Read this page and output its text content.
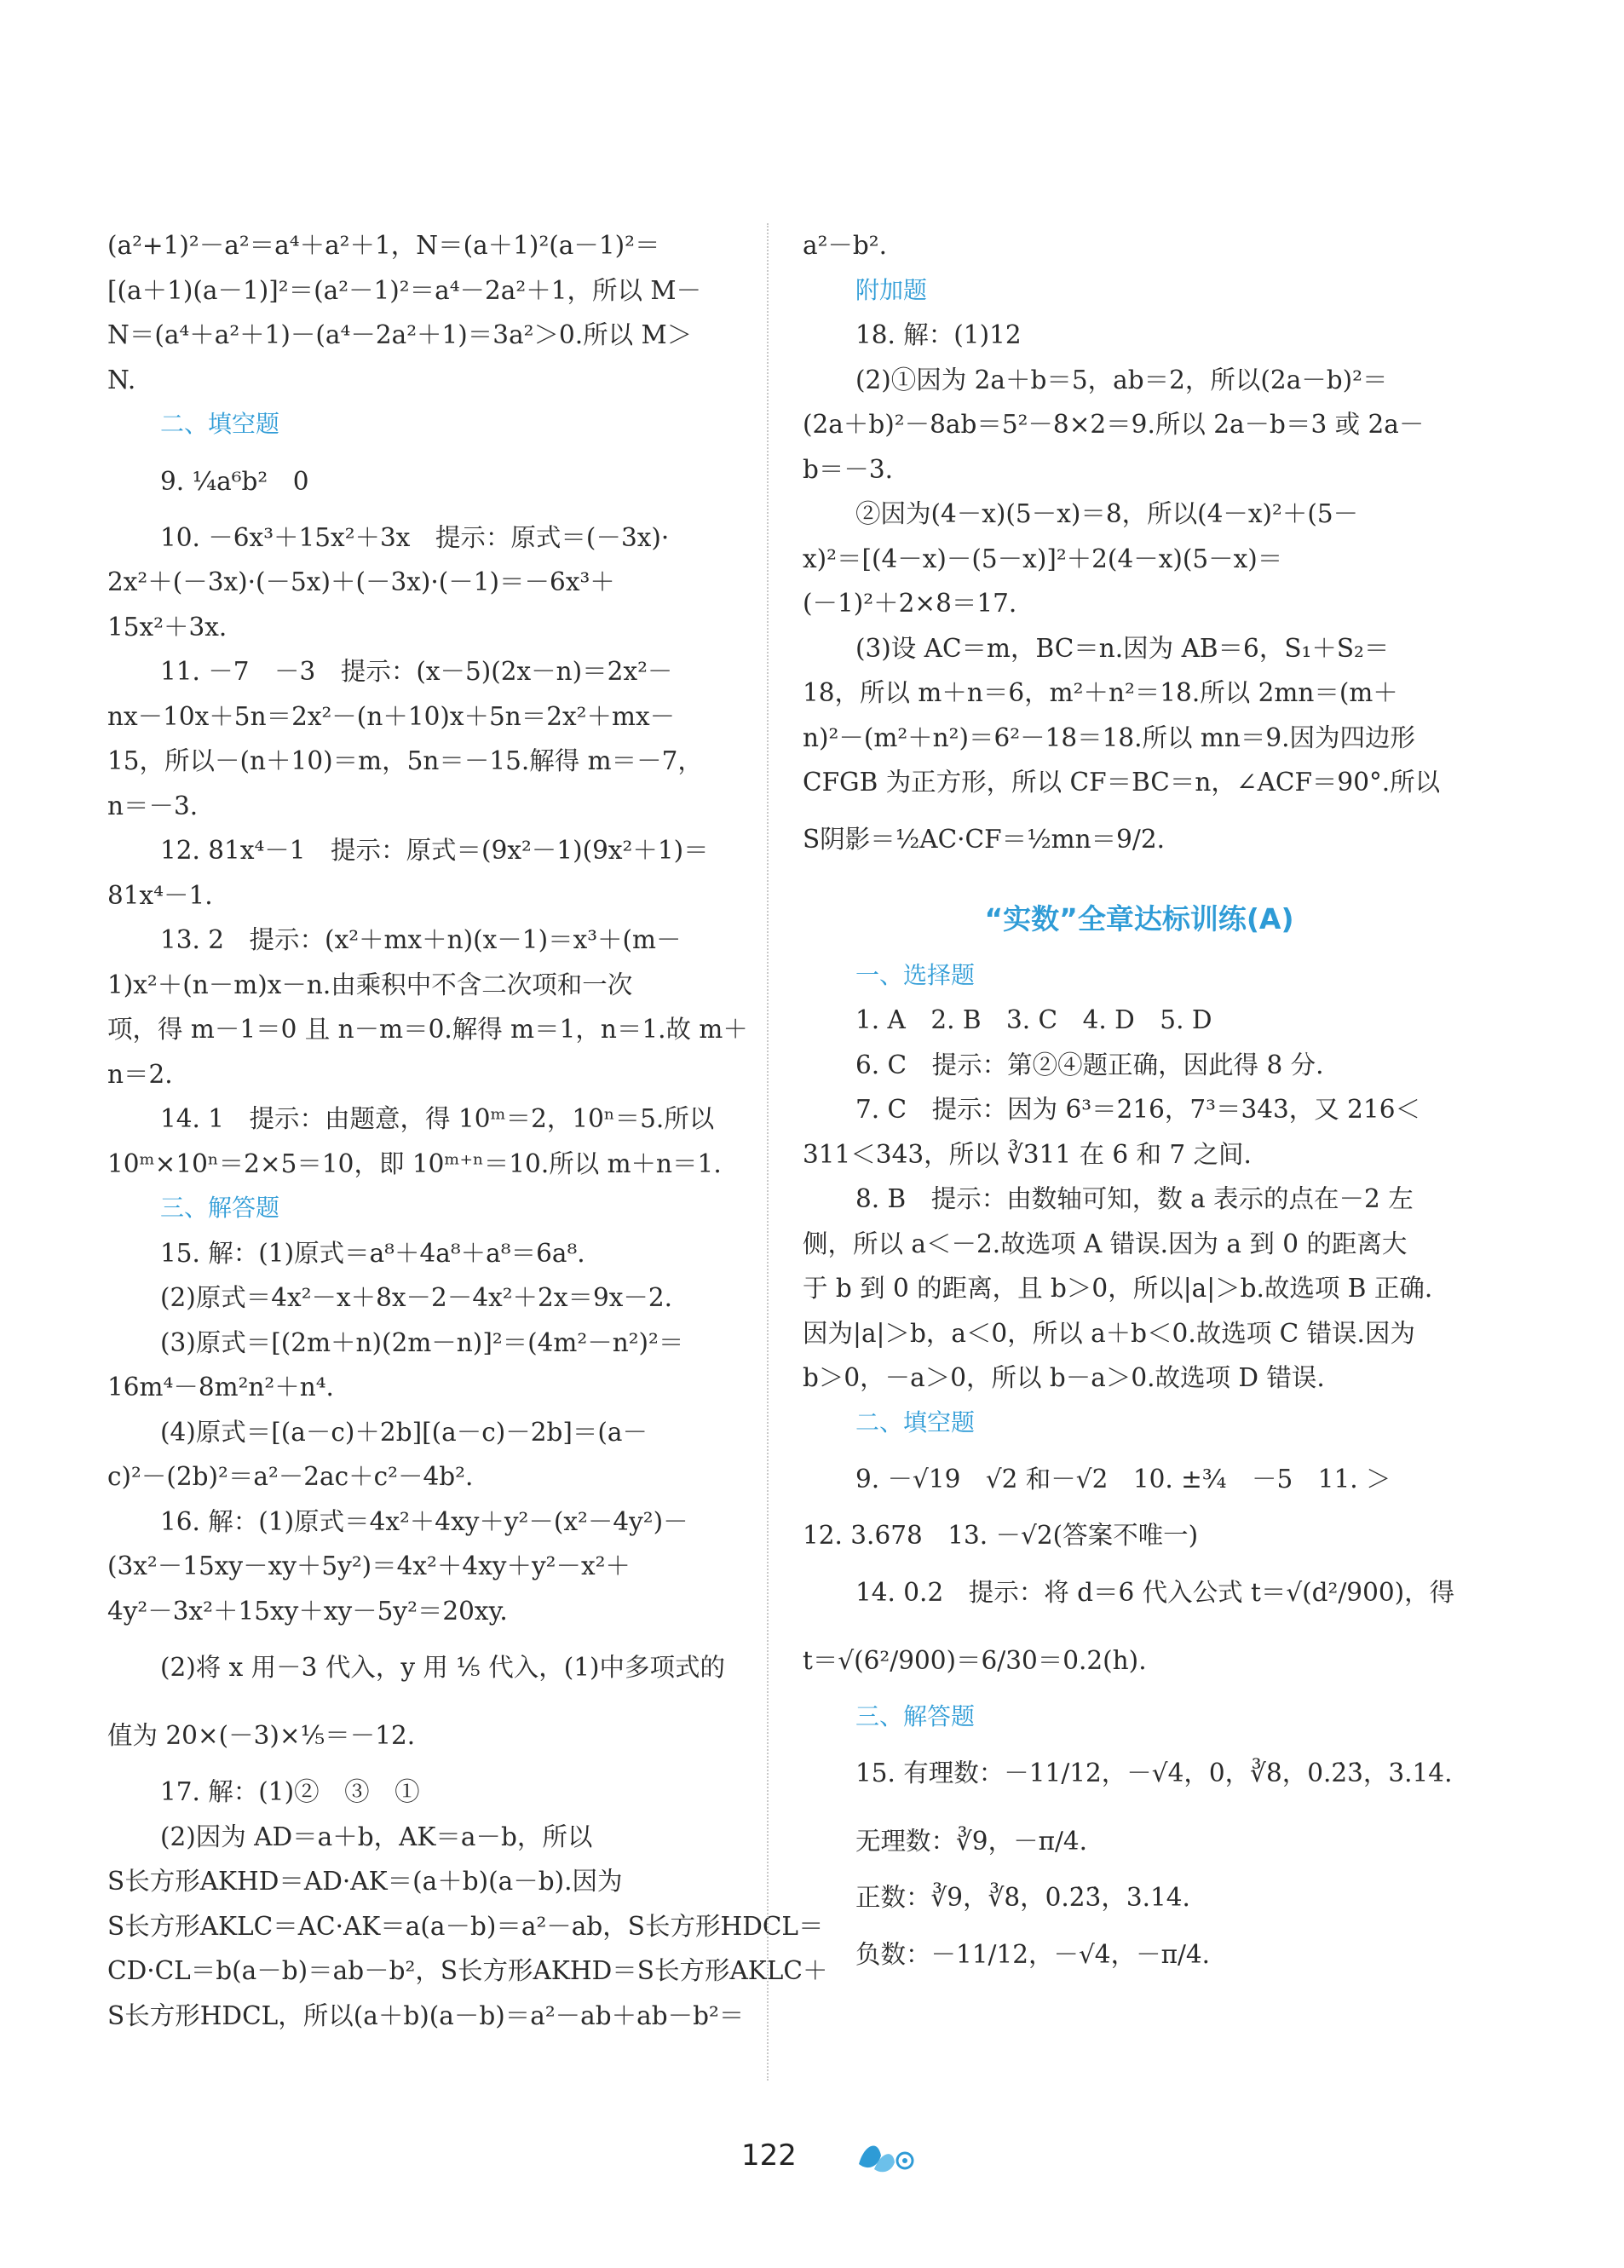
(a²+1)²－a²＝a⁴＋a²＋1，N＝(a＋1)²(a－1)²＝
[(a＋1)(a－1)]²＝(a²－1)²＝a⁴－2a²＋1，所以 M－
N＝(a⁴＋a²＋1)－(a⁴－2a²＋1)＝3a²＞0.所以 M＞
N.
二、填空题
9. ¼a⁶b²　0
10. －6x³＋15x²＋3x　提示：原式＝(－3x)·
2x²＋(－3x)·(－5x)＋(－3x)·(－1)＝－6x³＋
15x²＋3x.
11. －7　－3　提示：(x－5)(2x－n)＝2x²－
nx－10x＋5n＝2x²－(n＋10)x＋5n＝2x²＋mx－
15，所以－(n＋10)＝m，5n＝－15.解得 m＝－7，
n＝－3.
12. 81x⁴－1　提示：原式＝(9x²－1)(9x²＋1)＝
81x⁴－1.
13. 2　提示：(x²＋mx＋n)(x－1)＝x³＋(m－
1)x²＋(n－m)x－n.由乘积中不含二次项和一次
项，得 m－1＝0 且 n－m＝0.解得 m＝1，n＝1.故 m＋
n＝2.
14. 1　提示：由题意，得 10ᵐ＝2，10ⁿ＝5.所以
10ᵐ×10ⁿ＝2×5＝10，即 10ᵐ⁺ⁿ＝10.所以 m＋n＝1.
三、解答题
15. 解：(1)原式＝a⁸＋4a⁸＋a⁸＝6a⁸.
(2)原式＝4x²－x＋8x－2－4x²＋2x＝9x－2.
(3)原式＝[(2m＋n)(2m－n)]²＝(4m²－n²)²＝
16m⁴－8m²n²＋n⁴.
(4)原式＝[(a－c)＋2b][(a－c)－2b]＝(a－
c)²－(2b)²＝a²－2ac＋c²－4b².
16. 解：(1)原式＝4x²＋4xy＋y²－(x²－4y²)－
(3x²－15xy－xy＋5y²)＝4x²＋4xy＋y²－x²＋
4y²－3x²＋15xy＋xy－5y²＝20xy.
(2)将 x 用－3 代入，y 用 ⅕ 代入，(1)中多项式的
值为 20×(－3)×⅕＝－12.
17. 解：(1)②　③　①
(2)因为 AD＝a＋b，AK＝a－b，所以
S长方形AKHD＝AD·AK＝(a＋b)(a－b).因为
S长方形AKLC＝AC·AK＝a(a－b)＝a²－ab，S长方形HDCL＝
CD·CL＝b(a－b)＝ab－b²，S长方形AKHD＝S长方形AKLC＋
S长方形HDCL，所以(a＋b)(a－b)＝a²－ab＋ab－b²＝
a²－b².
附加题
18. 解：(1)12
(2)①因为 2a＋b＝5，ab＝2，所以(2a－b)²＝
(2a＋b)²－8ab＝5²－8×2＝9.所以 2a－b＝3 或 2a－
b＝－3.
②因为(4－x)(5－x)＝8，所以(4－x)²＋(5－
x)²＝[(4－x)－(5－x)]²＋2(4－x)(5－x)＝
(－1)²＋2×8＝17.
(3)设 AC＝m，BC＝n.因为 AB＝6，S₁＋S₂＝
18，所以 m＋n＝6，m²＋n²＝18.所以 2mn＝(m＋
n)²－(m²＋n²)＝6²－18＝18.所以 mn＝9.因为四边形
CFGB 为正方形，所以 CF＝BC＝n，∠ACF＝90°.所以
S阴影＝½AC·CF＝½mn＝9/2.
“实数”全章达标训练(A)
一、选择题
1. A　2. B　3. C　4. D　5. D
6. C　提示：第②④题正确，因此得 8 分.
7. C　提示：因为 6³＝216，7³＝343，又 216＜
311＜343，所以 ∛311 在 6 和 7 之间.
8. B　提示：由数轴可知，数 a 表示的点在－2 左
侧，所以 a＜－2.故选项 A 错误.因为 a 到 0 的距离大
于 b 到 0 的距离，且 b＞0，所以|a|＞b.故选项 B 正确.
因为|a|＞b，a＜0，所以 a＋b＜0.故选项 C 错误.因为
b＞0，－a＞0，所以 b－a＞0.故选项 D 错误.
二、填空题
9. －√19　√2 和－√2　10. ±¾　－5　11. ＞
12. 3.678　13. －√2(答案不唯一)
14. 0.2　提示：将 d＝6 代入公式 t＝√(d²/900)，得
t＝√(6²/900)＝6/30＝0.2(h).
三、解答题
15. 有理数：－11/12，－√4，0，∛8，0.2̇3̇，3.14.
无理数：∛9，－π/4.
正数：∛9，∛8，0.2̇3̇，3.14.
负数：－11/12，－√4，－π/4.
122
